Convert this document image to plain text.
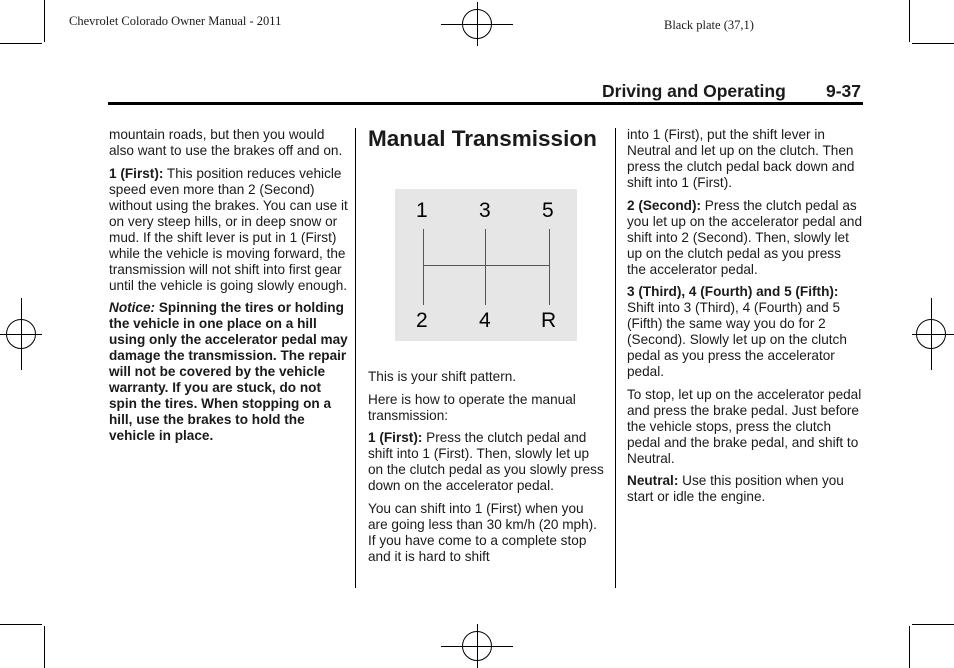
Chevrolet Colorado Owner Manual - 2011	Black plate (37,1)
Driving and Operating 9-37

mountain roads, but then you would also want to use the brakes off and on.

1 (First): This position reduces vehicle speed even more than 2 (Second) without using the brakes. You can use it on very steep hills, or in deep snow or mud. If the shift lever is put in 1 (First) while the vehicle is moving forward, the transmission will not shift into first gear until the vehicle is going slowly enough.

Notice: Spinning the tires or holding the vehicle in one place on a hill using only the accelerator pedal may damage the transmission. The repair will not be covered by the vehicle warranty. If you are stuck, do not spin the tires. When stopping on a hill, use the brakes to hold the vehicle in place.

Manual Transmission
1 3 5
2 4 R

This is your shift pattern.

Here is how to operate the manual transmission:

1 (First): Press the clutch pedal and shift into 1 (First). Then, slowly let up on the clutch pedal as you slowly press down on the accelerator pedal.

You can shift into 1 (First) when you are going less than 30 km/h (20 mph). If you have come to a complete stop and it is hard to shift

into 1 (First), put the shift lever in Neutral and let up on the clutch. Then press the clutch pedal back down and shift into 1 (First).

2 (Second): Press the clutch pedal as you let up on the accelerator pedal and shift into 2 (Second). Then, slowly let up on the clutch pedal as you press the accelerator pedal.

3 (Third), 4 (Fourth) and 5 (Fifth): Shift into 3 (Third), 4 (Fourth) and 5 (Fifth) the same way you do for 2 (Second). Slowly let up on the clutch pedal as you press the accelerator pedal.

To stop, let up on the accelerator pedal and press the brake pedal. Just before the vehicle stops, press the clutch pedal and the brake pedal, and shift to Neutral.

Neutral: Use this position when you start or idle the engine.
